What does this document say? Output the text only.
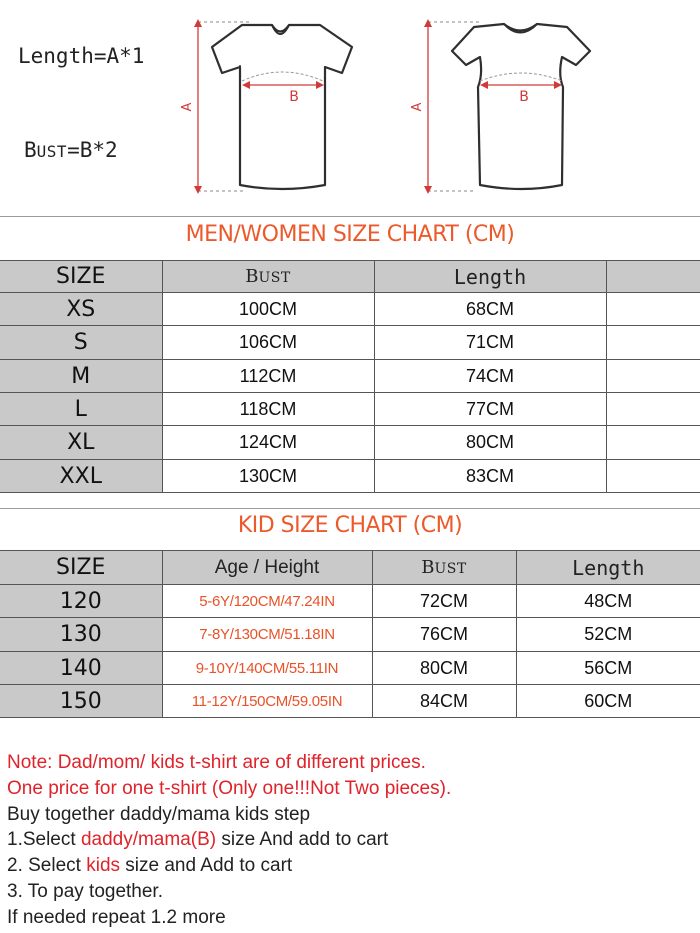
Length=A*1
BUST=B*2
A
B
A
B
MEN/WOMEN SIZE CHART (CM)
SIZE	BUST	Length	
XS	100CM	68CM	
S	106CM	71CM	
M	112CM	74CM	
L	118CM	77CM	
XL	124CM	80CM	
XXL	130CM	83CM	
KID SIZE CHART (CM)
SIZE	Age / Height	BUST	Length
120	5-6Y/120CM/47.24IN	72CM	48CM
130	7-8Y/130CM/51.18IN	76CM	52CM
140	9-10Y/140CM/55.11IN	80CM	56CM
150	11-12Y/150CM/59.05IN	84CM	60CM
Note: Dad/mom/ kids t-shirt are of different prices.
One price for one t-shirt (Only one!!!Not Two pieces).
Buy together daddy/mama kids step
1.Select daddy/mama(B) size And add to cart
2. Select kids size and Add to cart
3. To pay together.
If needed repeat 1.2 more
